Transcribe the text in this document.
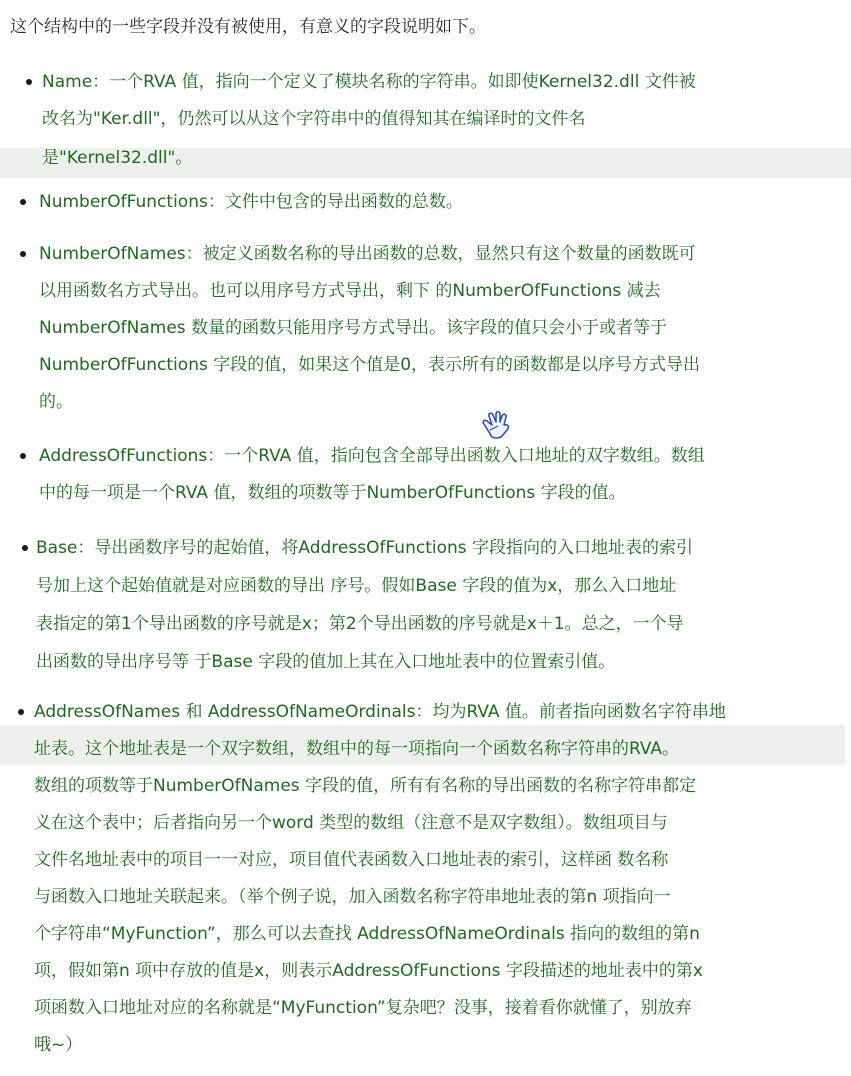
这个结构中的一些字段并没有被使用，有意义的字段说明如下。
Name：一个RVA 值，指向一个定义了模块名称的字符串。如即使Kernel32.dll 文件被
改名为"Ker.dll"，仍然可以从这个字符串中的值得知其在编译时的文件名
是"Kernel32.dll"。
NumberOfFunctions：文件中包含的导出函数的总数。
NumberOfNames：被定义函数名称的导出函数的总数，显然只有这个数量的函数既可
以用函数名方式导出。也可以用序号方式导出，剩下 的NumberOfFunctions 减去
NumberOfNames 数量的函数只能用序号方式导出。该字段的值只会小于或者等于
NumberOfFunctions 字段的值，如果这个值是0，表示所有的函数都是以序号方式导出
的。
AddressOfFunctions：一个RVA 值，指向包含全部导出函数入口地址的双字数组。数组
中的每一项是一个RVA 值，数组的项数等于NumberOfFunctions 字段的值。
Base：导出函数序号的起始值，将AddressOfFunctions 字段指向的入口地址表的索引
号加上这个起始值就是对应函数的导出 序号。假如Base 字段的值为x，那么入口地址
表指定的第1个导出函数的序号就是x；第2个导出函数的序号就是x＋1。总之，一个导
出函数的导出序号等 于Base 字段的值加上其在入口地址表中的位置索引值。
AddressOfNames 和 AddressOfNameOrdinals：均为RVA 值。前者指向函数名字符串地
址表。这个地址表是一个双字数组，数组中的每一项指向一个函数名称字符串的RVA。
数组的项数等于NumberOfNames 字段的值，所有有名称的导出函数的名称字符串都定
义在这个表中；后者指向另一个word 类型的数组（注意不是双字数组）。数组项目与
文件名地址表中的项目一一对应，项目值代表函数入口地址表的索引，这样函 数名称
与函数入口地址关联起来。（举个例子说，加入函数名称字符串地址表的第n 项指向一
个字符串“MyFunction”，那么可以去查找 AddressOfNameOrdinals 指向的数组的第n
项，假如第n 项中存放的值是x，则表示AddressOfFunctions 字段描述的地址表中的第x
项函数入口地址对应的名称就是“MyFunction”复杂吧？没事，接着看你就懂了，别放弃
哦~）
